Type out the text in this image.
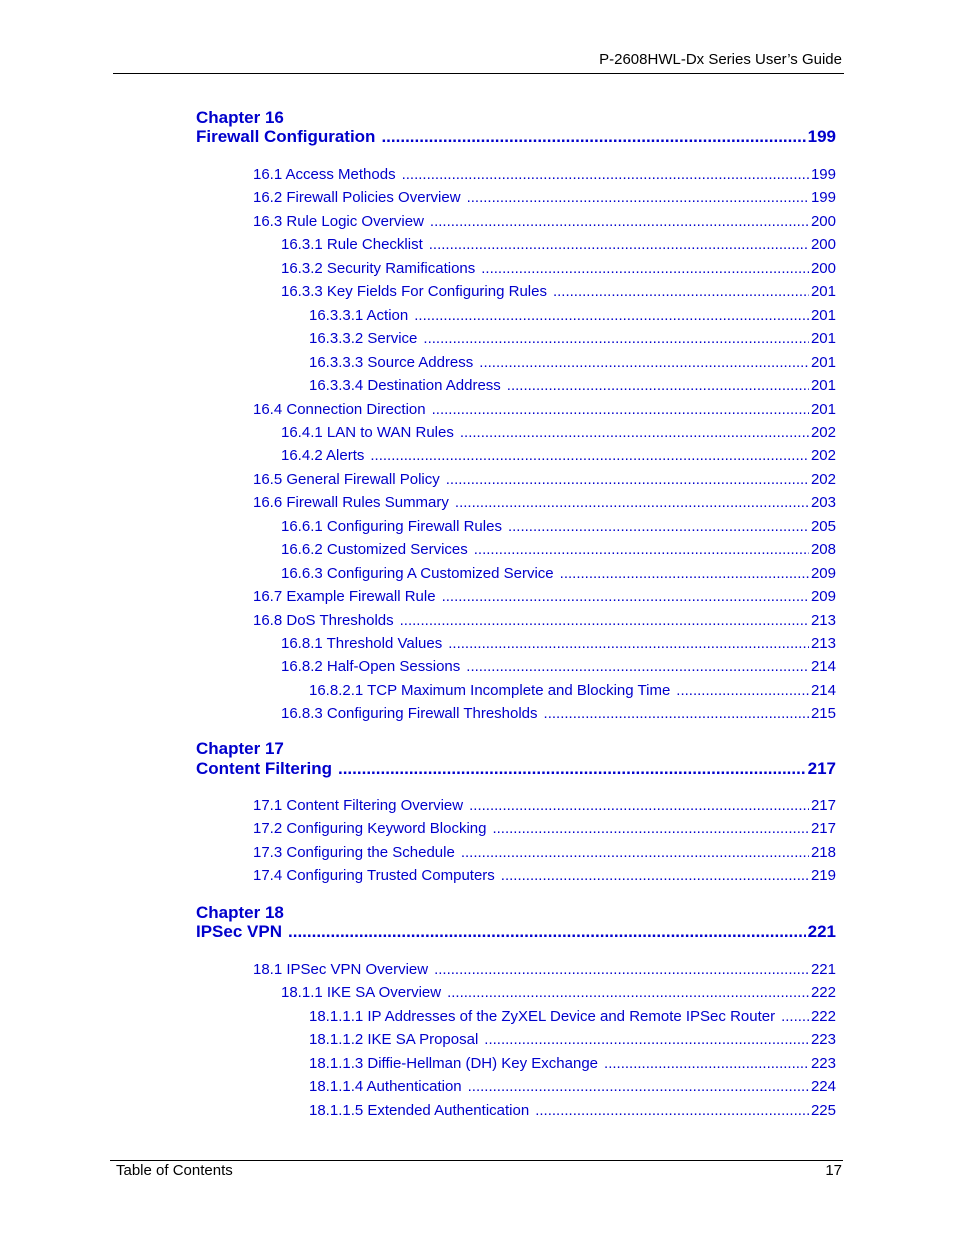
P-2608HWL-Dx Series User’s Guide
Chapter 16
Firewall Configuration .....	199
16.1 Access Methods .....	199
16.2 Firewall Policies Overview .....	199
16.3 Rule Logic Overview .....	200
16.3.1 Rule Checklist .....	200
16.3.2 Security Ramifications .....	200
16.3.3 Key Fields For Configuring Rules .....	201
16.3.3.1 Action .....	201
16.3.3.2 Service .....	201
16.3.3.3 Source Address .....	201
16.3.3.4 Destination Address .....	201
16.4 Connection Direction .....	201
16.4.1 LAN to WAN Rules .....	202
16.4.2 Alerts .....	202
16.5 General Firewall Policy .....	202
16.6 Firewall Rules Summary .....	203
16.6.1 Configuring Firewall Rules .....	205
16.6.2 Customized Services .....	208
16.6.3 Configuring A Customized Service .....	209
16.7 Example Firewall Rule .....	209
16.8 DoS Thresholds .....	213
16.8.1 Threshold Values .....	213
16.8.2 Half-Open Sessions .....	214
16.8.2.1 TCP Maximum Incomplete and Blocking Time .....	214
16.8.3 Configuring Firewall Thresholds .....	215
Chapter 17
Content Filtering .....	217
17.1 Content Filtering Overview .....	217
17.2 Configuring Keyword Blocking .....	217
17.3 Configuring the Schedule .....	218
17.4 Configuring Trusted Computers .....	219
Chapter 18
IPSec VPN .....	221
18.1 IPSec VPN Overview .....	221
18.1.1 IKE SA Overview .....	222
18.1.1.1 IP Addresses of the ZyXEL Device and Remote IPSec Router ..... 222
18.1.1.2 IKE SA Proposal .....	223
18.1.1.3 Diffie-Hellman (DH) Key Exchange .....	223
18.1.1.4 Authentication .....	224
18.1.1.5 Extended Authentication .....	225
Table of Contents	17
